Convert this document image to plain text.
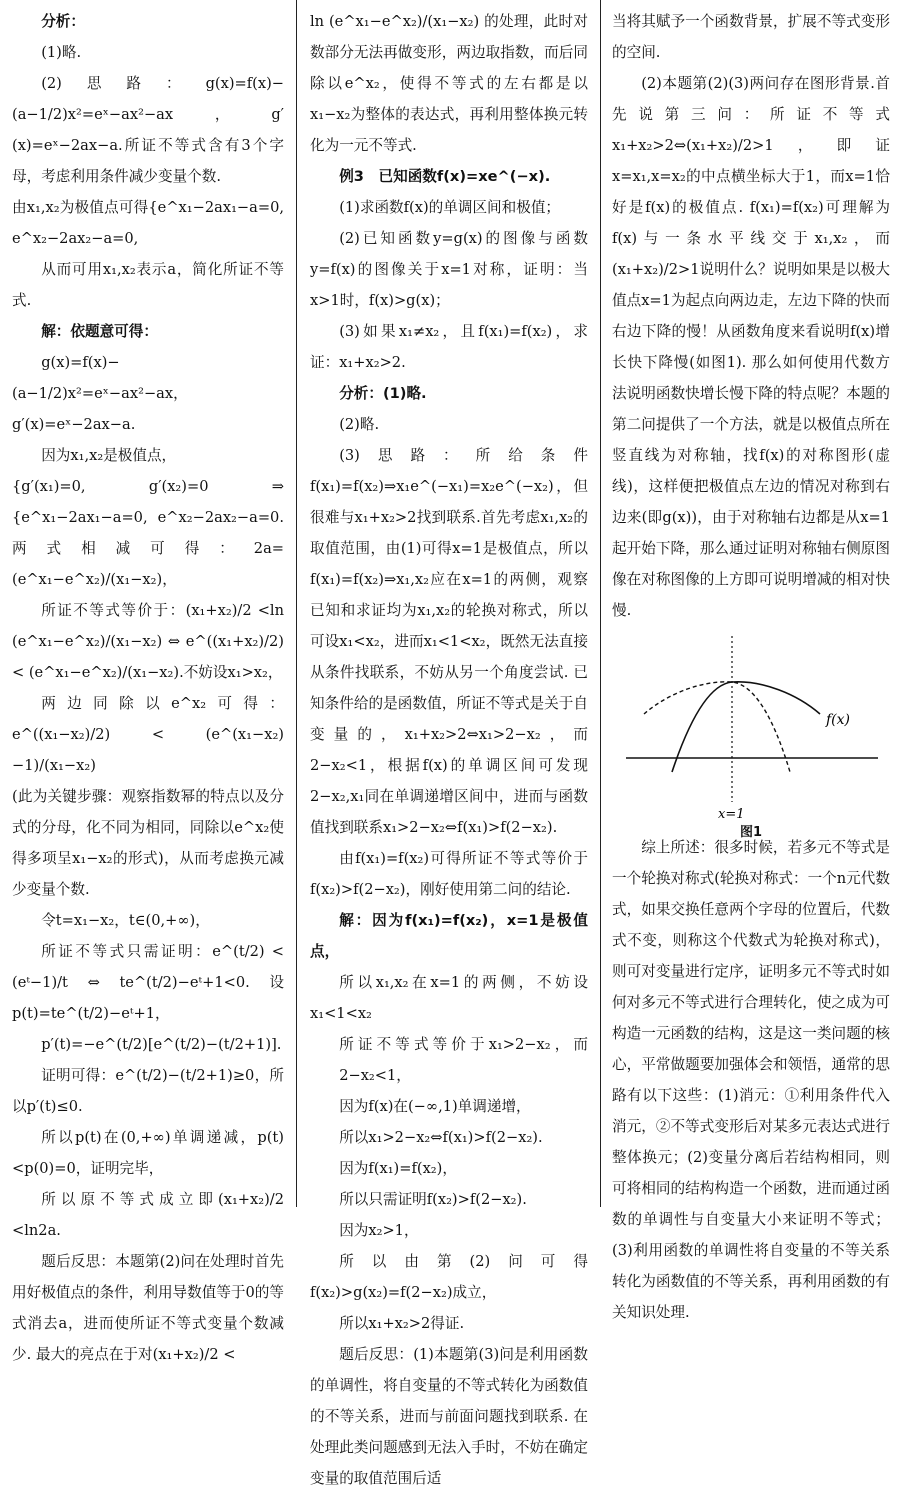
分析：

(1)略.

(2)思路：g(x)=f(x)−(a−1/2)x²=eˣ−ax²−ax，g′(x)=eˣ−2ax−a.所证不等式含有3个字母，考虑利用条件减少变量个数.

由x₁,x₂为极值点可得{e^x₁−2ax₁−a=0, e^x₂−2ax₂−a=0,

从而可用x₁,x₂表示a，简化所证不等式.

解：依题意可得：

g(x)=f(x)−(a−1/2)x²=eˣ−ax²−ax，

g′(x)=eˣ−2ax−a.

因为x₁,x₂是极值点，

{g′(x₁)=0, g′(x₂)=0 ⇒ {e^x₁−2ax₁−a=0, e^x₂−2ax₂−a=0. 两式相减可得：2a=(e^x₁−e^x₂)/(x₁−x₂)，

所证不等式等价于：(x₁+x₂)/2 <ln (e^x₁−e^x₂)/(x₁−x₂) ⇔ e^((x₁+x₂)/2) < (e^x₁−e^x₂)/(x₁−x₂).不妨设x₁>x₂，

两边同除以e^x₂可得：e^((x₁−x₂)/2) < (e^(x₁−x₂)−1)/(x₁−x₂)

(此为关键步骤：观察指数幂的特点以及分式的分母，化不同为相同，同除以e^x₂使得多项呈x₁−x₂的形式)，从而考虑换元减少变量个数.

令t=x₁−x₂，t∈(0,+∞)，

所证不等式只需证明：e^(t/2) < (eᵗ−1)/t ⇔ te^(t/2)−eᵗ+1<0. 设p(t)=te^(t/2)−eᵗ+1，

p′(t)=−e^(t/2)[e^(t/2)−(t/2+1)].

证明可得：e^(t/2)−(t/2+1)≥0，所以p′(t)≤0.

所以p(t)在(0,+∞)单调递减，p(t)<p(0)=0，证明完毕，

所以原不等式成立即(x₁+x₂)/2 <ln2a.

题后反思：本题第(2)问在处理时首先用好极值点的条件，利用导数值等于0的等式消去a，进而使所证不等式变量个数减少. 最大的亮点在于对(x₁+x₂)/2 <

ln (e^x₁−e^x₂)/(x₁−x₂) 的处理，此时对数部分无法再做变形，两边取指数，而后同除以e^x₂，使得不等式的左右都是以x₁−x₂为整体的表达式，再利用整体换元转化为一元不等式.

例3　已知函数f(x)=xe^(−x).

(1)求函数f(x)的单调区间和极值；

(2)已知函数y=g(x)的图像与函数y=f(x)的图像关于x=1对称，证明：当x>1时，f(x)>g(x)；

(3)如果x₁≠x₂，且f(x₁)=f(x₂)，求证：x₁+x₂>2.

分析：(1)略.

(2)略.

(3)思路：所给条件f(x₁)=f(x₂)⇒x₁e^(−x₁)=x₂e^(−x₂)，但很难与x₁+x₂>2找到联系.首先考虑x₁,x₂的取值范围，由(1)可得x=1是极值点，所以f(x₁)=f(x₂)⇒x₁,x₂应在x=1的两侧，观察已知和求证均为x₁,x₂的轮换对称式，所以可设x₁<x₂，进而x₁<1<x₂，既然无法直接从条件找联系，不妨从另一个角度尝试. 已知条件给的是函数值，所证不等式是关于自变量的，x₁+x₂>2⇔x₁>2−x₂，而2−x₂<1，根据f(x)的单调区间可发现2−x₂,x₁同在单调递增区间中，进而与函数值找到联系x₁>2−x₂⇔f(x₁)>f(2−x₂).

由f(x₁)=f(x₂)可得所证不等式等价于f(x₂)>f(2−x₂)，刚好使用第二问的结论.

解：因为f(x₁)=f(x₂)，x=1是极值点，

所以x₁,x₂在x=1的两侧，不妨设x₁<1<x₂

所证不等式等价于x₁>2−x₂，而2−x₂<1，

因为f(x)在(−∞,1)单调递增，

所以x₁>2−x₂⇔f(x₁)>f(2−x₂).

因为f(x₁)=f(x₂)，

所以只需证明f(x₂)>f(2−x₂).

因为x₂>1，

所以由第(2)问可得 f(x₂)>g(x₂)=f(2−x₂)成立，

所以x₁+x₂>2得证.

题后反思：(1)本题第(3)问是利用函数的单调性，将自变量的不等式转化为函数值的不等关系，进而与前面问题找到联系. 在处理此类问题感到无法入手时，不妨在确定变量的取值范围后适

当将其赋予一个函数背景，扩展不等式变形的空间.

(2)本题第(2)(3)两问存在图形背景.首先说第三问：所证不等式x₁+x₂>2⇔(x₁+x₂)/2>1，即证x=x₁,x=x₂的中点横坐标大于1，而x=1恰好是f(x)的极值点. f(x₁)=f(x₂)可理解为f(x)与一条水平线交于x₁,x₂，而(x₁+x₂)/2>1说明什么？说明如果是以极大值点x=1为起点向两边走，左边下降的快而右边下降的慢！从函数角度来看说明f(x)增长快下降慢(如图1). 那么如何使用代数方法说明函数快增长慢下降的特点呢？本题的第二问提供了一个方法，就是以极值点所在竖直线为对称轴，找f(x)的对称图形(虚线)，这样便把极值点左边的情况对称到右边来(即g(x))，由于对称轴右边都是从x=1起开始下降，那么通过证明对称轴右侧原图像在对称图像的上方即可说明增减的相对快慢.

f(x)
x=1
图1

综上所述：很多时候，若多元不等式是一个轮换对称式(轮换对称式：一个n元代数式，如果交换任意两个字母的位置后，代数式不变，则称这个代数式为轮换对称式)，则可对变量进行定序，证明多元不等式时如何对多元不等式进行合理转化，使之成为可构造一元函数的结构，这是这一类问题的核心，平常做题要加强体会和领悟，通常的思路有以下这些：(1)消元：①利用条件代入消元，②不等式变形后对某多元表达式进行整体换元；(2)变量分离后若结构相同，则可将相同的结构构造一个函数，进而通过函数的单调性与自变量大小来证明不等式；(3)利用函数的单调性将自变量的不等关系转化为函数值的不等关系，再利用函数的有关知识处理.
